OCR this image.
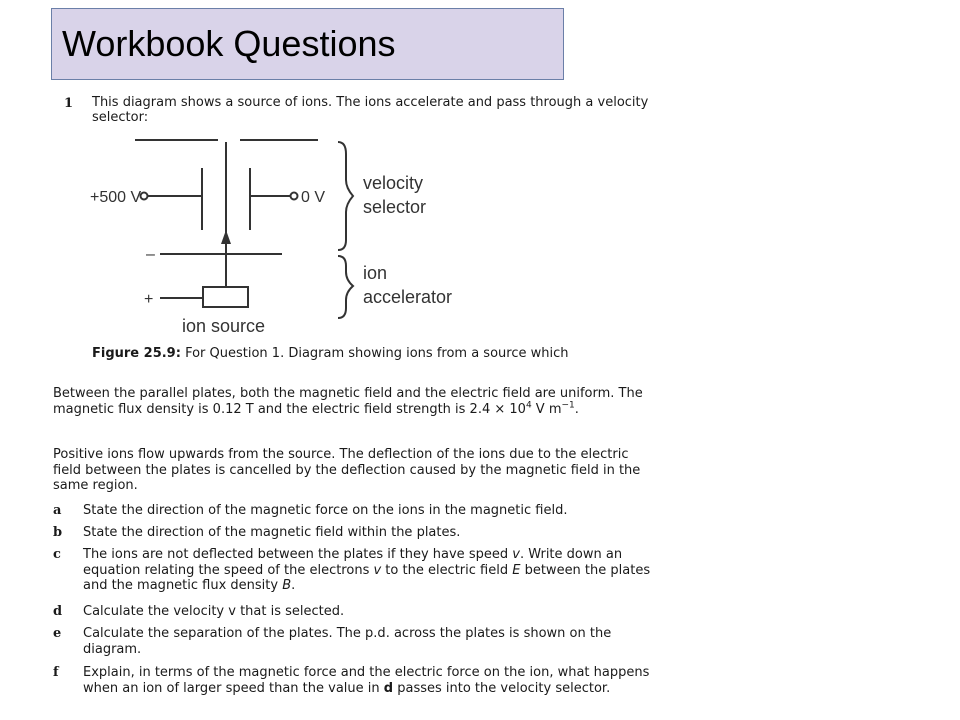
Workbook Questions
1 This diagram shows a source of ions. The ions accelerate and pass through a velocity selector:
+500 V	0 V
–
+
velocity
selector
ion
accelerator
ion source
Figure 25.9: For Question 1. Diagram showing ions from a source which
Between the parallel plates, both the magnetic field and the electric field are uniform. The magnetic flux density is 0.12 T and the electric field strength is $2.4 \times 10^4$ V $m^{-1}$.
Positive ions flow upwards from the source. The deflection of the ions due to the electric field between the plates is cancelled by the deflection caused by the magnetic field in the same region.
a State the direction of the magnetic force on the ions in the magnetic field.
b State the direction of the magnetic field within the plates.
c The ions are not deflected between the plates if they have speed v. Write down an equation relating the speed of the electrons v to the electric field E between the plates and the magnetic flux density B.
d Calculate the velocity v that is selected.
e Calculate the separation of the plates. The p.d. across the plates is shown on the diagram.
f Explain, in terms of the magnetic force and the electric force on the ion, what happens when an ion of larger speed than the value in d passes into the velocity selector.
